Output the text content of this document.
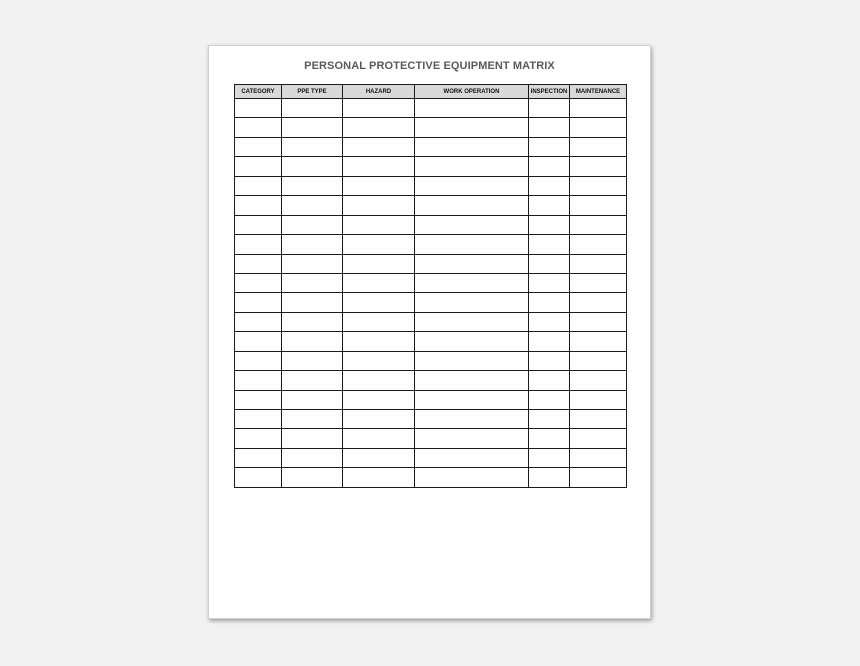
PERSONAL PROTECTIVE EQUIPMENT MATRIX
CATEGORY	PPE TYPE	HAZARD	WORK OPERATION	INSPECTION	MAINTENANCE
